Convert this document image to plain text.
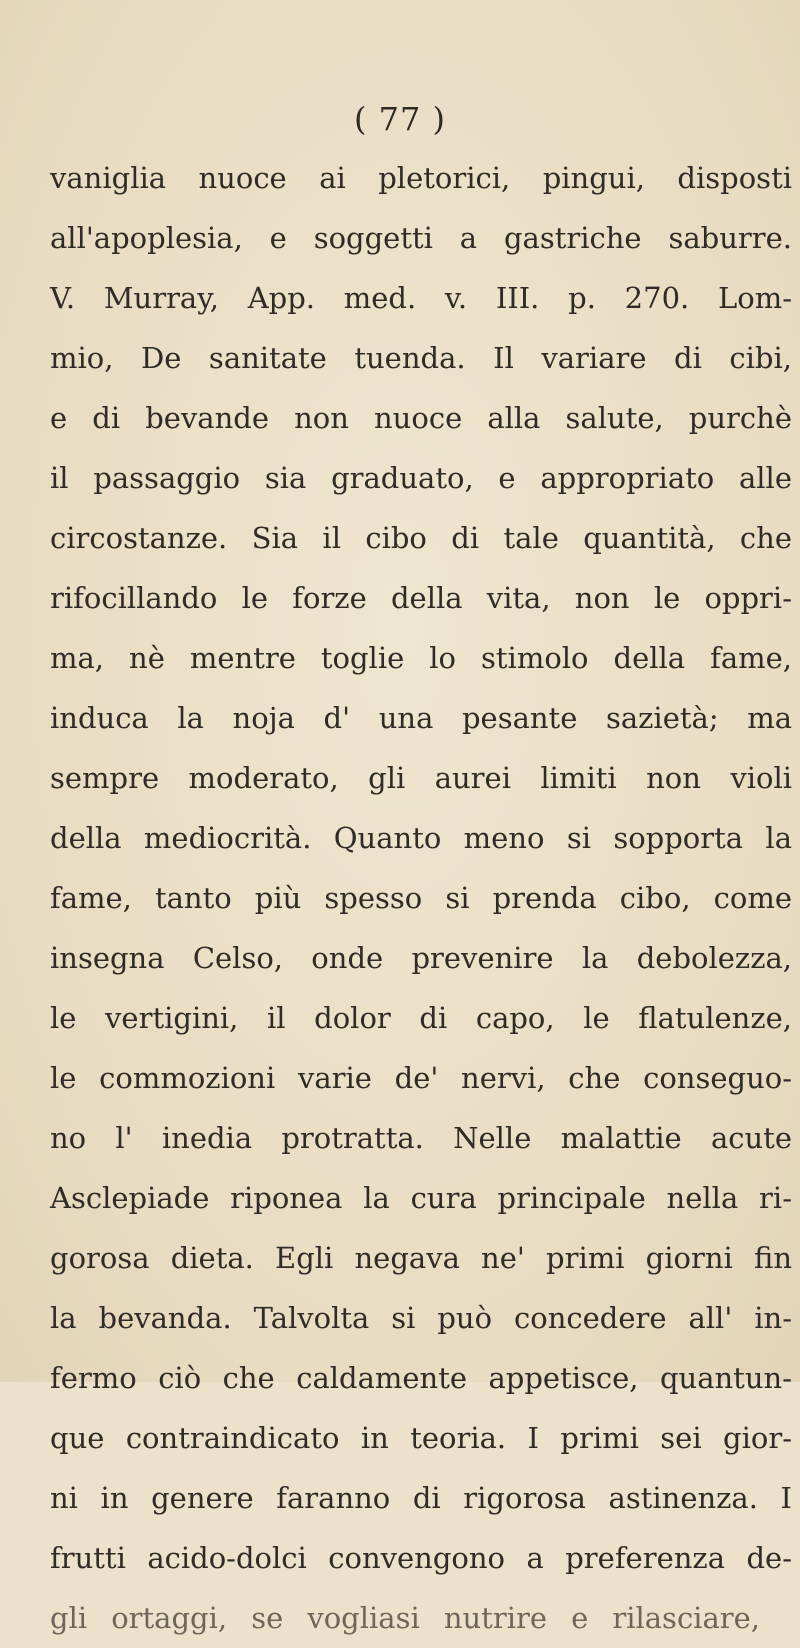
( 77 )
vaniglia nuoce ai pletorici, pingui, disposti
all'apoplesia, e soggetti a gastriche saburre.
V. Murray, App. med. v. III. p. 270. Lom-
mio, De sanitate tuenda. Il variare di cibi,
e di bevande non nuoce alla salute, purchè
il passaggio sia graduato, e appropriato alle
circostanze. Sia il cibo di tale quantità, che
rifocillando le forze della vita, non le oppri-
ma, nè mentre toglie lo stimolo della fame,
induca la noja d' una pesante sazietà; ma
sempre moderato, gli aurei limiti non violi
della mediocrità. Quanto meno si sopporta la
fame, tanto più spesso si prenda cibo, come
insegna Celso, onde prevenire la debolezza,
le vertigini, il dolor di capo, le flatulenze,
le commozioni varie de' nervi, che conseguo-
no l' inedia protratta. Nelle malattie acute
Asclepiade riponea la cura principale nella ri-
gorosa dieta. Egli negava ne' primi giorni fin
la bevanda. Talvolta si può concedere all' in-
fermo ciò che caldamente appetisce, quantun-
que contraindicato in teoria. I primi sei gior-
ni in genere faranno di rigorosa astinenza. I
frutti acido-dolci convengono a preferenza de-
gli ortaggi, se vogliasi nutrire e rilasciare,
